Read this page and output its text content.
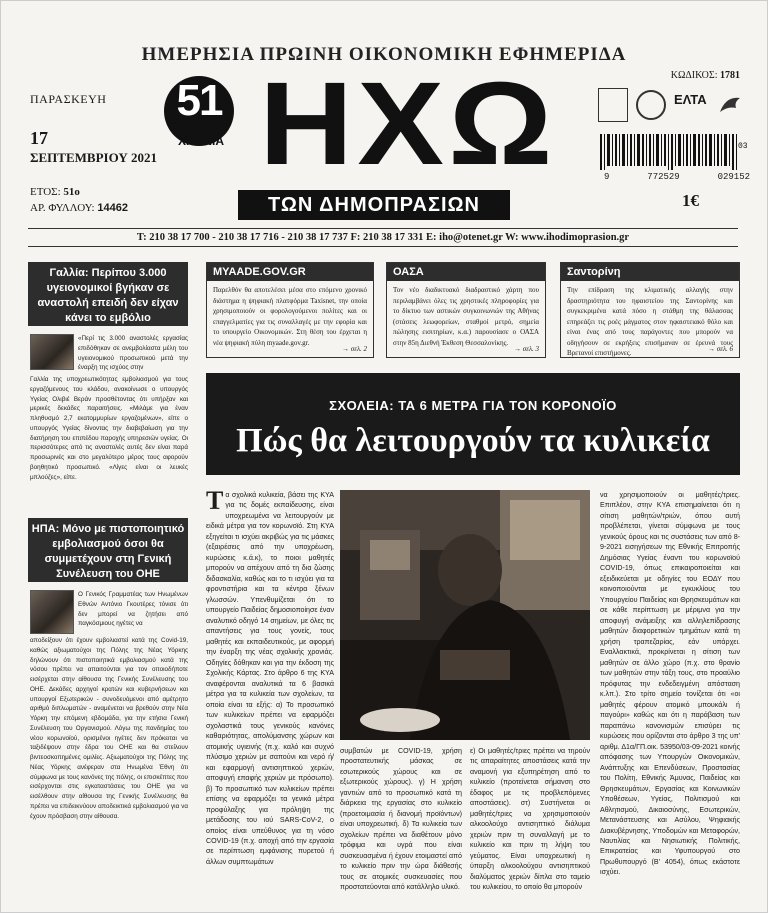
ΗΜΕΡΗΣΙΑ ΠΡΩΙΝΗ ΟΙΚΟΝΟΜΙΚΗ ΕΦΗΜΕΡΙΔΑ
ΠΑΡΑΣΚΕΥΗ
17
ΣΕΠΤΕΜΒΡΙΟΥ 2021
ΕΤΟΣ: 51ο
ΑΡ. ΦΥΛΛΟΥ: 14462
51
ΧΡΟΝΙΑ ΗΧΩ
ΤΩΝ ΔΗΜΟΠΡΑΣΙΩΝ
ΚΩΔΙΚΟΣ: 1781
ΕΛΤΑ
03
9	772529	029152
1€
T: 210 38 17 700 - 210 38 17 716 - 210 38 17 737 F: 210 38 17 331 E: iho@otenet.gr W: www.ihodimoprasion.gr
Γαλλία: Περίπου 3.000 υγειονομικοί βγήκαν σε αναστολή επειδή δεν είχαν κάνει το εμβόλιο
«Περί τις 3.000 αναστολές εργασίας επιδόθηκαν σε ανεμβολίαστα μέλη του υγειονομικού προσωπικού μετά την έναρξη της ισχύος στην
Γαλλία της υποχρεωτικότητας εμβολιασμού για τους εργαζόμενους του κλάδου, ανακοίνωσε ο υπουργός Υγείας Ολιβιέ Βεράν προσθέτοντας ότι υπήρξαν και μερικές δεκάδες παραιτήσεις. «Μιλάμε για έναν πληθυσμό 2,7 εκατομμυρίων εργαζομένων», είπε ο υπουργός Υγείας δίνοντας την διαβεβαίωση για την διατήρηση του επιπέδου παροχής υπηρεσιών υγείας. Οι περισσότερες από τις αναστολές αυτές δεν είναι παρά προσωρινές και στο μεγαλύτερο μέρος τους αφορούν βοηθητικό προσωπικό. «Λίγες είναι οι λευκές μπλούζες», είπε.
ΗΠΑ: Μόνο με πιστοποιητικό εμβολιασμού όσοι θα συμμετέχουν στη Γενική Συνέλευση του ΟΗΕ
Ο Γενικός Γραμματέας των Ηνωμένων Εθνών Αντόνιο Γκουτέρες τόνισε ότι δεν μπορεί να ζητήσει από παγκόσμιους ηγέτες να
αποδείξουν ότι έχουν εμβολιαστεί κατά της Covid-19, καθώς αξιωματούχοι της Πόλης της Νέας Υόρκης δηλώνουν ότι πιστοποιητικά εμβολιασμού κατά της νόσου πρέπει να απαιτούνται για τον οποιοδήποτε εισέρχεται στην αίθουσα της Γενικής Συνέλευσης του ΟΗΕ. Δεκάδες αρχηγοί κρατών και κυβερνήσεων και υπουργοί Εξωτερικών - συνοδευόμενοι από αμέτρητο αριθμό διπλωματών - αναμένεται να βρεθούν στην Νέα Υόρκη την επόμενη εβδομάδα, για την ετήσια Γενική Συνέλευση του Οργανισμού. Λόγω της πανδημίας του νέου κορωνοϊού, ορισμένοι ηγέτες δεν πρόκειται να ταξιδέψουν στην έδρα του ΟΗΕ και θα στείλουν βιντεοσκοπημένες ομιλίες. Αξιωματούχοι της Πόλης της Νέας Υόρκης ανέφεραν στα Ηνωμένα Έθνη ότι σύμφωνα με τους κανόνες της πόλης, οι επισκέπτες που εισέρχονται στις εγκαταστάσεις του ΟΗΕ για να εισέλθουν στην αίθουσα της Γενικής Συνέλευσης θα πρέπει να επιδεικνύουν αποδεικτικά εμβολιασμού για να έχουν πρόσβαση στην αίθουσα.
MYAADE.GOV.GR
Παρελθόν θα αποτελέσει μέσα στο επόμενο χρονικό διάστημα η ψηφιακή πλατφόρμα Taxisnet, την οποία χρησιμοποιούν οι φορολογούμενοι πολίτες και οι επαγγελματίες για τις συναλλαγές με την εφορία και το υπουργείο Οικονομικών. Στη θέση του έρχεται η νέα ψηφιακή πύλη myaade.gov.gr.
→ σελ. 2
ΟΑΣΑ
Τον νέο διαδικτυακό διαδραστικό χάρτη που περιλαμβάνει όλες τις χρηστικές πληροφορίες για το δίκτυο των αστικών συγκοινωνιών της Αθήνας (στάσεις λεωφορείων, σταθμοί μετρό, σημεία πώλησης εισιτηρίων, κ.α.) παρουσίασε ο ΟΑΣΑ στην 85η Διεθνή Έκθεση Θεσσαλονίκης.
→ σελ. 3
Σαντορίνη
Την επίδραση της κλιματικής αλλαγής στην δραστηριότητα του ηφαιστείου της Σαντορίνης και συγκεκριμένα κατά πόσο η στάθμη της θάλασσας επηρεάζει τις ροές μάγματος στον ηφαιστειακό θόλο και είναι ένας από τους παράγοντες που μπορούν να οδηγήσουν σε εκρήξεις επισήμαναν σε έρευνά τους Βρετανοί επιστήμονες.	→ σελ. 6
ΣΧΟΛΕΙΑ: ΤΑ 6 ΜΕΤΡΑ ΓΙΑ ΤΟΝ ΚΟΡΟΝΟΪΟ
Πώς θα λειτουργούν τα κυλικεία
Τα σχολικά κυλικεία, βάσει της ΚΥΑ για τις δομές εκπαίδευσης, είναι υποχρεωμένα να λειτουργούν με ειδικά μέτρα για τον κορωνοϊό. Στη ΚΥΑ εξηγείται τι ισχύει ακριβώς για τις μάσκες (εξαιρέσεις από την υποχρέωση, κυρώσεις κ.ά.κ), το ποιοι μαθητές μπορούν να απέχουν από τη δια ζώσης διδασκαλία, καθώς και το τι ισχύει για τα φροντιστήρια και τα κέντρα ξένων γλωσσών. Υπενθυμίζεται ότι το υπουργείο Παιδείας δημοσιοποίησε έναν αναλυτικό οδηγό 14 σημείων, με όλες τις απαντήσεις για τους γονείς, τους μαθητές και εκπαιδευτικούς, με αφορμή την έναρξη της νέας σχολικής χρονιάς. Οδηγίες δόθηκαν και για την έκδοση της Σχολικής Κάρτας. Στο άρθρο 6 της ΚΥΑ αναφέρονται αναλυτικά τα 6 βασικά μέτρα για τα κυλικεία των σχολείων, τα οποία είναι τα εξής: α) Το προσωπικό των κυλικείων πρέπει να εφαρμόζει σχολαστικά τους γενικούς κανόνες καθαριότητας, απολύμανσης χώρων και ατομικής υγιεινής (π.χ. καλό και συχνό πλύσιμο χεριών με σαπούνι και νερό ή/και εφαρμογή αντισηπτικού χεριών, αποφυγή επαφής χεριών με πρόσωπο). β) Το προσωπικό των κυλικείων πρέπει επίσης να εφαρμόζει τα γενικά μέτρα προφύλαξης για πρόληψη της μετάδοσης του ιού SARS-CoV-2, ο οποίος είναι υπεύθυνος για τη νόσο COVID-19 (π.χ. αποχή από την εργασία σε περίπτωση εμφάνισης πυρετού ή άλλων συμπτωμάτων
συμβατών με COVID-19, χρήση προστατευτικής μάσκας σε εσωτερικούς χώρους και σε εξωτερικούς χώρους). γ) Η χρήση γαντιών από το προσωπικό κατά τη διάρκεια της εργασίας στο κυλικείο (προετοιμασία ή διανομή προϊόντων) είναι υποχρεωτική. δ) Τα κυλικεία των σχολείων πρέπει να διαθέτουν μόνο τρόφιμα και υγρά που είναι συσκευασμένα ή έχουν ετοιμαστεί από το κυλικείο πριν την ώρα διάθεσής τους σε ατομικές συσκευασίες που προστατεύονται από κατάλληλο υλικό.
ε) Οι μαθητές/τριες πρέπει να τηρούν τις απαραίτητες αποστάσεις κατά την αναμονή για εξυπηρέτηση από το κυλικείο (προτείνεται σήμανση στο έδαφος με τις προβλεπόμενες αποστάσεις). στ) Συστήνεται οι μαθητές/τριες να χρησιμοποιούν αλκοολούχο αντισηπτικό διάλυμα χεριών πριν τη συναλλαγή με το κυλικείο και πριν τη λήψη του γεύματος. Είναι υποχρεωτική η ύπαρξη αλκοολούχου αντισηπτικού διαλύματος χεριών δίπλα στο ταμείο του κυλικείου, το οποίο θα μπορούν
να χρησιμοποιούν οι μαθητές/τριες. Επιπλέον, στην ΚΥΑ επισημαίνεται ότι η σίτιση μαθητών/τριών, όπου αυτή προβλέπεται, γίνεται σύμφωνα με τους γενικούς όρους και τις συστάσεις των από 8-9-2021 εισηγήσεων της Εθνικής Επιτροπής Δημόσιας Υγείας έναντι του κορωνοϊού COVID-19, όπως επικαιροποιείται και εξειδικεύεται με οδηγίες του ΕΟΔΥ που κοινοποιούνται με εγκυκλίους του Υπουργείου Παιδείας και Θρησκευμάτων και σε κάθε περίπτωση με μέριμνα για την αποφυγή ανάμειξης και αλληλεπίδρασης μαθητών διαφορετικών τμημάτων κατά τη χρήση τραπεζαρίας, εάν υπάρχει. Εναλλακτικά, προκρίνεται η σίτιση των μαθητών σε άλλο χώρο (π.χ. στο θρανίο των μαθητών στην τάξη τους, στο προαύλιο πρόφυτας την ενδεδειγμένη απόσταση κ.λπ.). Στο τρίτο σημείο τονίζεται ότι «οι μαθητές φέρουν ατομικό μπουκάλι ή παγούρι» καθώς και ότι η παράβαση των παραπάνω κανονισμών επισύρει τις κυρώσεις που ορίζονται στο άρθρο 3 της υπ' αριθμ. Δ1α/ΓΠ.οικ. 53950/03-09-2021 κοινής απόφασης των Υπουργών Οικονομικών, Ανάπτυξης και Επενδύσεων, Προστασίας του Πολίτη, Εθνικής Άμυνας, Παιδείας και Θρησκευμάτων, Εργασίας και Κοινωνικών Υποθέσεων, Υγείας, Πολιτισμού και Αθλητισμού, Δικαιοσύνης, Εσωτερικών, Μετανάστευσης και Ασύλου, Ψηφιακής Διακυβέρνησης, Υποδομών και Μεταφορών, Ναυτιλίας και Νησιωτικής Πολιτικής, Επικρατείας και Υφυπουργού στο Πρωθυπουργό (Β' 4054), όπως εκάστοτε ισχύει.
